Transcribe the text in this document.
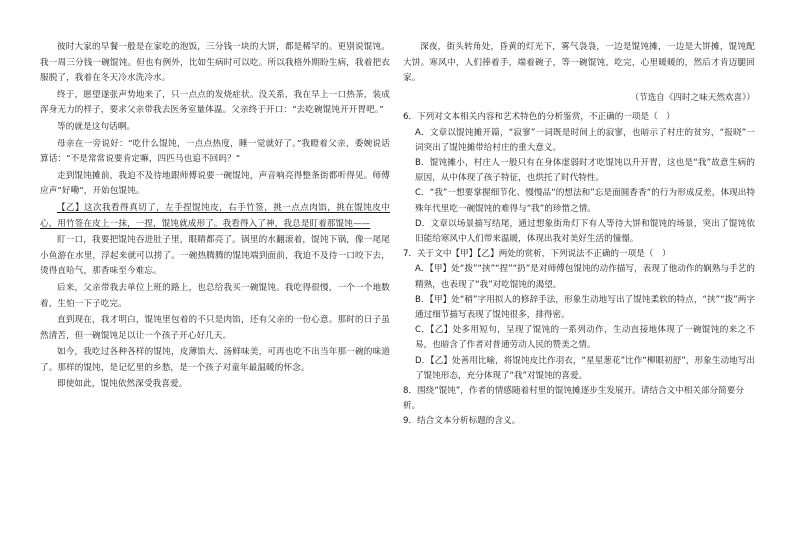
彼时大家的早餐一般是在家吃的泡饭，三分钱一块的大饼，都是稀罕的。更别说馄饨。我一周三分钱一碗馄饨。但也有例外，比如生病时可以吃。所以我格外期盼生病，我着把衣服脱了，我着在冬天冷水洗冷水。

终于，愿望遂张声势地来了，只一点点的发烧症状。没关系，我在早上一口热茶，装成浑身无力的样子，要求父亲带我去医务室量体温。父亲终于开口：“去吃碗馄饨开开胃吧。”

等的就是这句话啊。

母亲在一旁说好：“吃什么馄饨，一点点热度，睡一觉就好了。”我瞪着父亲，委婉说话算话：“不是常常说要肯定嘛，四匹马也追不回吗？”

走到馄饨摊前，我迫不及待地跟师傅说要一碗馄饨，声音响亮得整条街都听得见。师傅应声“好嘞”，开始包馄饨。

【乙】这次我看得真切了，左手捏馄饨皮，右手竹签，挑一点点肉馅，挑在馄饨皮中心，用竹签在皮上一抹，一捏，馄饨就成形了。我看得入了神，我总是盯着那馄饨——

盯一口，我要把馄饨吞进肚子里，眼睛都亮了。锅里的水翻滚着，馄饨下锅，像一尾尾小鱼游在水里，浮起来就可以捞了。一碗热腾腾的馄饨端到面前，我迫不及待一口咬下去，烫得直哈气，那香味至今难忘。

后来，父亲带我去单位上班的路上，也总给我买一碗馄饨。我吃得很慢，一个一个地数着，生怕一下子吃完。

直到现在，我才明白，馄饨里包着的不只是肉馅，还有父亲的一份心意。那时的日子虽然清苦，但一碗馄饨足以让一个孩子开心好几天。

如今，我吃过各种各样的馄饨，皮薄馅大、汤鲜味美，可再也吃不出当年那一碗的味道了。那样的馄饨，是记忆里的乡愁，是一个孩子对童年最温暖的怀念。

即使如此，馄饨依然深受我喜爱。

深夜，街头转角处，昏黄的灯光下，雾气袅袅，一边是馄饨摊，一边是大饼摊，馄饨配大饼。寒风中，人们捧着手，端着碗子，等一碗馄饨，吃完，心里暖暖的，然后才肯迈腿回家。

（节选自《四时之味天然欢喜》）

6．下列对文本相关内容和艺术特色的分析鉴赏，不正确的一项是（　）

A．文章以馄饨摊开篇，“寂寥”一词既是时间上的寂寥，也暗示了村庄的贫穷，“报晓”一词突出了馄饨摊带给村庄的重大意义。

B．馄饨摊小，村庄人一般只有在身体虚弱时才吃馄饨以升开胃，这也是“我”故意生病的原因，从中体现了孩子特征，也烘托了时代特性。

C．“我”一想要掌握细节化、慢慢品“的想法和”忘是面圆香香“的行为形成反差，体现出特殊年代里吃一碗馄饨的难得与“我”的珍惜之情。

D．文章以场景描写结尾，通过想象街角灯下有人等待大饼和馄饨的场景，突出了馄饨依旧能给寒风中人们带来温暖，体现出我对美好生活的憧憬。

7．关于文中【甲】【乙】两处的赏析，下列说法不正确的一项是（　）

A．【甲】处“拨”“挟”“捏”“扔”是对师傅包馄饨的动作描写，表现了他动作的娴熟与手艺的精熟，也表现了“我”对吃馄饨的渴望。

B．【甲】处“稍”字用拟人的修辞手法，形象生动地写出了馄饨柔软的特点，“挟”“拨”两字通过细节描写表现了馄饨很多，排得密。

C．【乙】处多用短句，呈现了馄饨的一系列动作，生动直接地体现了一碗馄饨的来之不易，也暗含了作者对普通劳动人民的赞美之情。

D．【乙】处善用比喻，将馄饨皮比作羽衣，“星星葱花”比作“柳眼初舒”，形象生动地写出了馄饨形态，充分体现了“我”对馄饨的喜爱。

8．围绕“馄饨”，作者的情感随着村里的馄饨摊逐步生发展开。请结合文中相关部分简要分析。

9．结合文本分析标题的含义。
